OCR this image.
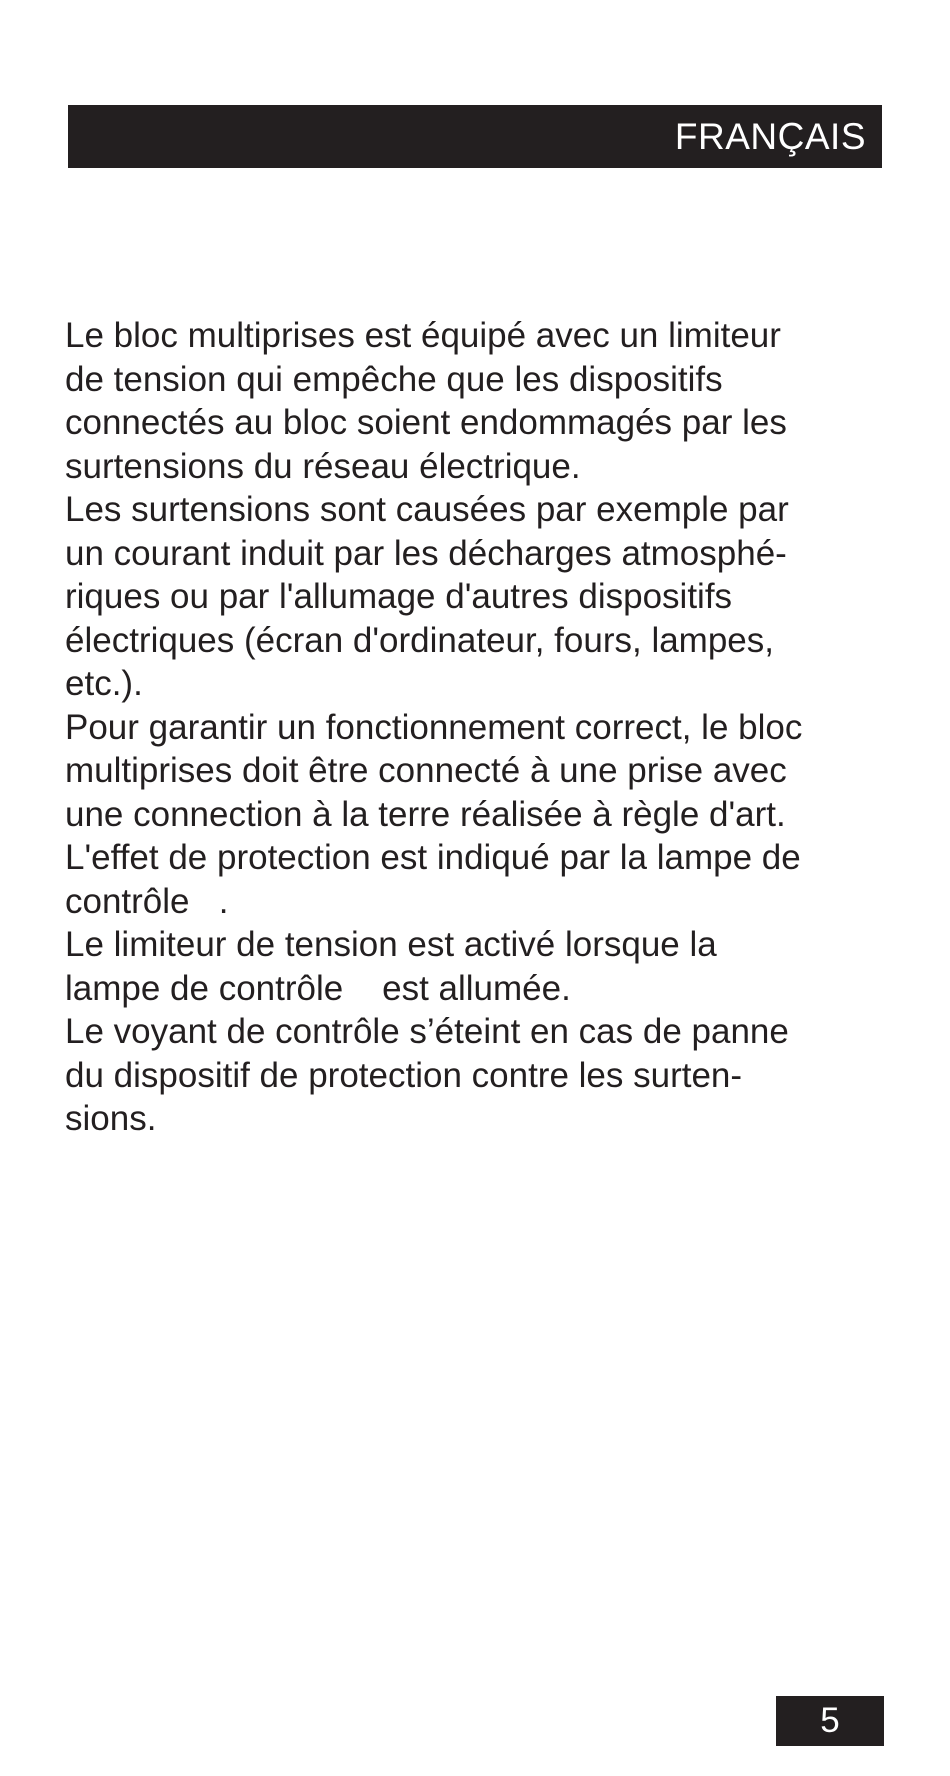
FRANÇAIS
Le bloc multiprises est équipé avec un limiteur
de tension qui empêche que les dispositifs
connectés au bloc soient endommagés par les
surtensions du réseau électrique.
Les surtensions sont causées par exemple par
un courant induit par les décharges atmosphé-
riques ou par l'allumage d'autres dispositifs
électriques (écran d'ordinateur, fours, lampes,
etc.).
Pour garantir un fonctionnement correct, le bloc
multiprises doit être connecté à une prise avec
une connection à la terre réalisée à règle d'art.
L'effet de protection est indiqué par la lampe de
contrôle   .
Le limiteur de tension est activé lorsque la
lampe de contrôle    est allumée.
Le voyant de contrôle s’éteint en cas de panne
du dispositif de protection contre les surten-
sions.
5
